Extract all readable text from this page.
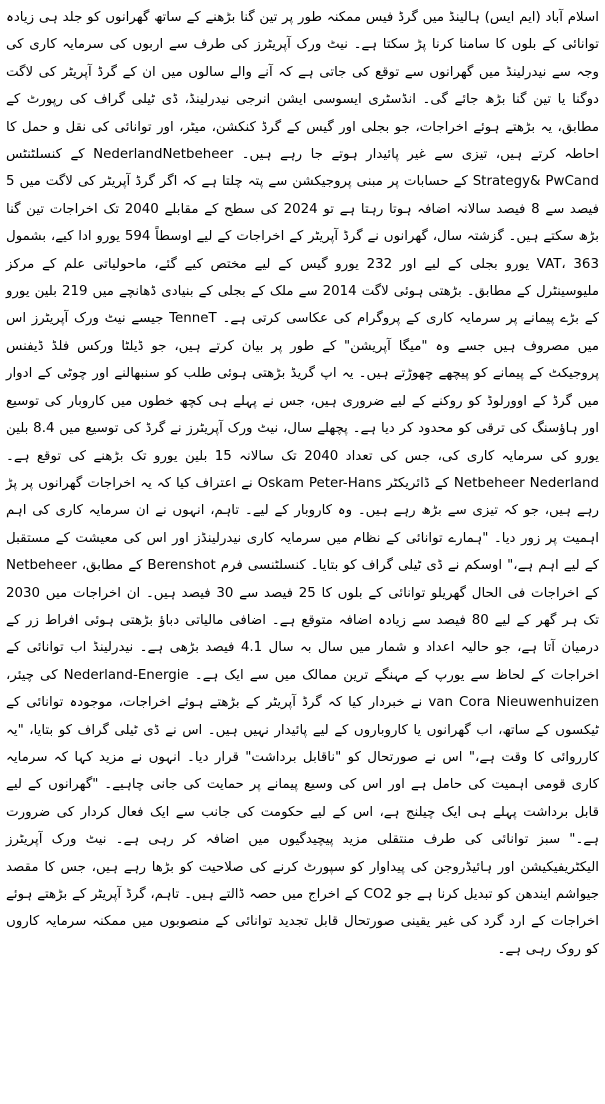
اسلام آباد (ایم ایس) ہالینڈ میں گرڈ فیس ممکنہ طور پر تین گنا بڑھنے کے ساتھ گھرانوں کو جلد ہی زیادہ توانائی کے بلوں کا سامنا کرنا پڑ سکتا ہے۔ نیٹ ورک آپریٹرز کی طرف سے اربوں کی سرمایہ کاری کی وجہ سے نیدرلینڈ میں گھرانوں سے توقع کی جاتی ہے کہ آنے والے سالوں میں ان کے گرڈ آپریٹر کی لاگت دوگنا یا تین گنا بڑھ جائے گی۔ انڈسٹری ایسوسی ایشن انرجی نیدرلینڈ، ڈی ٹیلی گراف کی رپورٹ کے مطابق، یہ بڑھتے ہوئے اخراجات، جو بجلی اور گیس کے گرڈ کنکشن، میٹر، اور توانائی کی نقل و حمل کا احاطہ کرتے ہیں، تیزی سے غیر پائیدار ہوتے جا رہے ہیں۔ NederlandNetbeheer کے کنسلٹنٹس Strategy& PwCand کے حسابات پر مبنی پروجیکشن سے پتہ چلتا ہے کہ اگر گرڈ آپریٹر کی لاگت میں 5 فیصد سے 8 فیصد سالانہ اضافہ ہوتا رہتا ہے تو 2024 کی سطح کے مقابلے 2040 تک اخراجات تین گنا بڑھ سکتے ہیں۔ گزشتہ سال، گھرانوں نے گرڈ آپریٹر کے اخراجات کے لیے اوسطاً 594 یورو ادا کیے، بشمول VAT، 363 یورو بجلی کے لیے اور 232 یورو گیس کے لیے مختص کیے گئے، ماحولیاتی علم کے مرکز ملیوسینٹرل کے مطابق۔ بڑھتی ہوئی لاگت 2014 سے ملک کے بجلی کے بنیادی ڈھانچے میں 219 بلین یورو کے بڑے پیمانے پر سرمایہ کاری کے پروگرام کی عکاسی کرتی ہے۔ TenneT جیسے نیٹ ورک آپریٹرز اس میں مصروف ہیں جسے وہ "میگا آپریشن" کے طور پر بیان کرتے ہیں، جو ڈیلٹا ورکس فلڈ ڈیفنس پروجیکٹ کے پیمانے کو پیچھے چھوڑتے ہیں۔ یہ اپ گریڈ بڑھتی ہوئی طلب کو سنبھالنے اور چوٹی کے ادوار میں گرڈ کے اوورلوڈ کو روکنے کے لیے ضروری ہیں، جس نے پہلے ہی کچھ خطوں میں کاروبار کی توسیع اور ہاؤسنگ کی ترقی کو محدود کر دیا ہے۔ پچھلے سال، نیٹ ورک آپریٹرز نے گرڈ کی توسیع میں 8.4 بلین یورو کی سرمایہ کاری کی، جس کی تعداد 2040 تک سالانہ 15 بلین یورو تک بڑھنے کی توقع ہے۔ Netbeheer Nederland کے ڈائریکٹر Oskam Peter-Hans نے اعتراف کیا کہ یہ اخراجات گھرانوں پر پڑ رہے ہیں، جو کہ تیزی سے بڑھ رہے ہیں۔ وہ کاروبار کے لیے۔ تاہم، انہوں نے ان سرمایہ کاری کی اہم اہمیت پر زور دیا۔ "ہمارے توانائی کے نظام میں سرمایہ کاری نیدرلینڈز اور اس کی معیشت کے مستقبل کے لیے اہم ہے،" اوسکم نے ڈی ٹیلی گراف کو بتایا۔ کنسلٹنسی فرم Berenshot کے مطابق، Netbeheer کے اخراجات فی الحال گھریلو توانائی کے بلوں کا 25 فیصد سے 30 فیصد ہیں۔ ان اخراجات میں 2030 تک ہر گھر کے لیے 80 فیصد سے زیادہ اضافہ متوقع ہے۔ اضافی مالیاتی دباؤ بڑھتی ہوئی افراط زر کے درمیان آتا ہے، جو حالیہ اعداد و شمار میں سال بہ سال 4.1 فیصد بڑھی ہے۔ نیدرلینڈ اب توانائی کے اخراجات کے لحاظ سے یورپ کے مہنگے ترین ممالک میں سے ایک ہے۔ Nederland-Energie کی چیئر، van Cora Nieuwenhuizen نے خبردار کیا کہ گرڈ آپریٹر کے بڑھتے ہوئے اخراجات، موجودہ توانائی کے ٹیکسوں کے ساتھ، اب گھرانوں یا کاروباروں کے لیے پائیدار نہیں ہیں۔ اس نے ڈی ٹیلی گراف کو بتایا، "یہ کارروائی کا وقت ہے،" اس نے صورتحال کو "ناقابل برداشت" قرار دیا۔ انہوں نے مزید کہا کہ سرمایہ کاری قومی اہمیت کی حامل ہے اور اس کی وسیع پیمانے پر حمایت کی جانی چاہیے۔ "گھرانوں کے لیے قابل برداشت پہلے ہی ایک چیلنج ہے، اس کے لیے حکومت کی جانب سے ایک فعال کردار کی ضرورت ہے۔" سبز توانائی کی طرف منتقلی مزید پیچیدگیوں میں اضافہ کر رہی ہے۔ نیٹ ورک آپریٹرز الیکٹریفیکیشن اور ہائیڈروجن کی پیداوار کو سپورٹ کرنے کی صلاحیت کو بڑھا رہے ہیں، جس کا مقصد جیواشم ایندھن کو تبدیل کرنا ہے جو CO2 کے اخراج میں حصہ ڈالتے ہیں۔ تاہم، گرڈ آپریٹر کے بڑھتے ہوئے اخراجات کے ارد گرد کی غیر یقینی صورتحال قابل تجدید توانائی کے منصوبوں میں ممکنہ سرمایہ کاروں کو روک رہی ہے۔
